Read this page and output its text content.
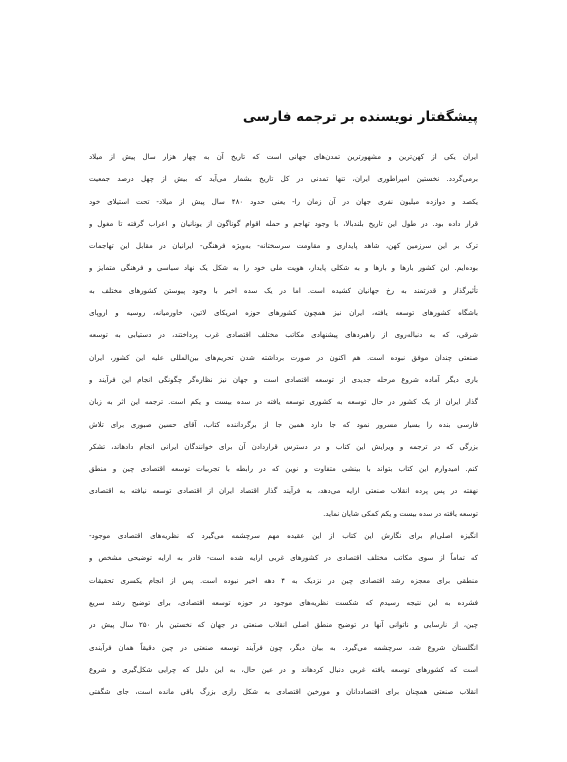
پیشگفتار نویسنده بر ترجمه فارسی
ایران یکی از کهن‌ترین و مشهورترین تمدن‌های جهانی است که تاریخ آن به چهار هزار سال پیش از میلاد
برمی‌گردد. نخستین امپراطوری ایران، تنها تمدنی در کل تاریخ بشمار می‌آید که بیش از چهل درصد جمعیت
یکصد و دوازده میلیون نفری جهان در آن زمان را- یعنی حدود ۴۸۰ سال پیش از میلاد- تحت استیلای خود
قرار داده بود. در طول این تاریخ بلندبالا، با وجود تهاجم و حمله اقوام گوناگون از یونانیان و اعراب گرفته تا مغول و
ترک بر این سرزمین کهن، شاهد پایداری و مقاومت سرسختانه- به‌ویژه فرهنگی- ایرانیان در مقابل این تهاجمات
بوده‌ایم. این کشور بارها و بارها و به شکلی پایدار، هویت ملی خود را به شکل یک نهاد سیاسی و فرهنگی متمایز و
تأثیرگذار و قدرتمند به رخ جهانیان کشیده است. اما در یک سده اخیر با وجود پیوستن کشورهای مختلف به
باشگاه کشورهای توسعه یافته، ایران نیز همچون کشورهای حوزه امریکای لاتین، خاورمیانه، روسیه و اروپای
شرقی، که به دنباله‌روی از راهبردهای پیشنهادی مکاتب مختلف اقتصادی غرب پرداختند، در دستیابی به توسعه
صنعتی چندان موفق نبوده است. هم اکنون در صورت برداشته شدن تحریم‌های بین‌المللی علیه این کشور، ایران
باری دیگر آماده شروع مرحله جدیدی از توسعه اقتصادی است و جهان نیز نظاره‌گر چگونگی انجام این فرآیند و
گذار ایران از یک کشور در حال توسعه به کشوری توسعه یافته در سده بیست و یکم است. ترجمه این اثر به زبان
فارسی بنده را بسیار مسرور نمود که جا دارد همین جا از برگرداننده کتاب، آقای حسین صبوری برای تلاش
بزرگی که در ترجمه و ویرایش این کتاب و در دسترس قراردادن آن برای خوانندگان ایرانی انجام دادهاند، تشکر
کنم. امیدوارم این کتاب بتواند با بینشی متفاوت و نوین که در رابطه با تجربیات توسعه اقتصادی چین و منطق
نهفته در پس پرده انقلاب صنعتی ارایه می‌دهد، به فرآیند گذار اقتصاد ایران از اقتصادی توسعه نیافته به اقتصادی
توسعه یافته در سده بیست و یکم کمکی شایان نماید.
انگیزه اصلی‌ام برای نگارش این کتاب از این عقیده مهم سرچشمه می‌گیرد که نظریه‌های اقتصادی موجود-
که تماماً از سوی مکاتب مختلف اقتصادی در کشورهای غربی ارایه شده است- قادر به ارایه توضیحی مشخص و
منطقی برای معجزه رشد اقتصادی چین در نزدیک به ۴ دهه اخیر نبوده است. پس از انجام یکسری تحقیقات
فشرده به این نتیجه رسیدم که شکست نظریه‌های موجود در حوزه توسعه اقتصادی، برای توضیح رشد سریع
چین، از نارسایی و ناتوانی آنها در توضیح منطق اصلی انقلاب صنعتی در جهان که نخستین بار ۲۵۰ سال پیش در
انگلستان شروع شد، سرچشمه می‌گیرد. به بیان دیگر، چون فرآیند توسعه صنعتی در چین دقیقاً همان فرآیندی
است که کشورهای توسعه یافته غربی دنبال کردهاند و در عین حال، به این دلیل که چرایی شکل‌گیری و شروع
انقلاب صنعتی همچنان برای اقتصاددانان و مورخین اقتصادی به شکل رازی بزرگ باقی مانده است، جای شگفتی
